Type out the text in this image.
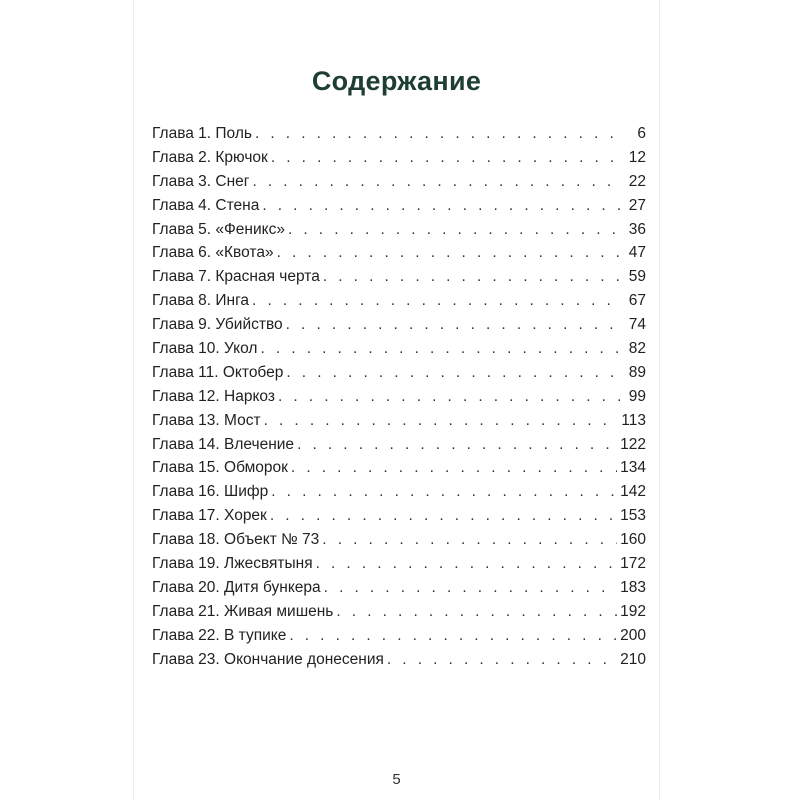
Содержание
Глава 1. Поль . . .	6
Глава 2. Крючок . . .	12
Глава 3. Снег . . .	22
Глава 4. Стена . . .	27
Глава 5. «Феникс» . . .	36
Глава 6. «Квота» . . .	47
Глава 7. Красная черта . . .	59
Глава 8. Инга . . .	67
Глава 9. Убийство . . .	74
Глава 10. Укол . . .	82
Глава 11. Октобер . . .	89
Глава 12. Наркоз . . .	99
Глава 13. Мост . . .	113
Глава 14. Влечение . . .	122
Глава 15. Обморок . . .	134
Глава 16. Шифр . . .	142
Глава 17. Хорек . . .	153
Глава 18. Объект № 73 . . .	160
Глава 19. Лжесвятыня . . .	172
Глава 20. Дитя бункера . . .	183
Глава 21. Живая мишень . . .	192
Глава 22. В тупике . . .	200
Глава 23. Окончание донесения . . .	210
5
